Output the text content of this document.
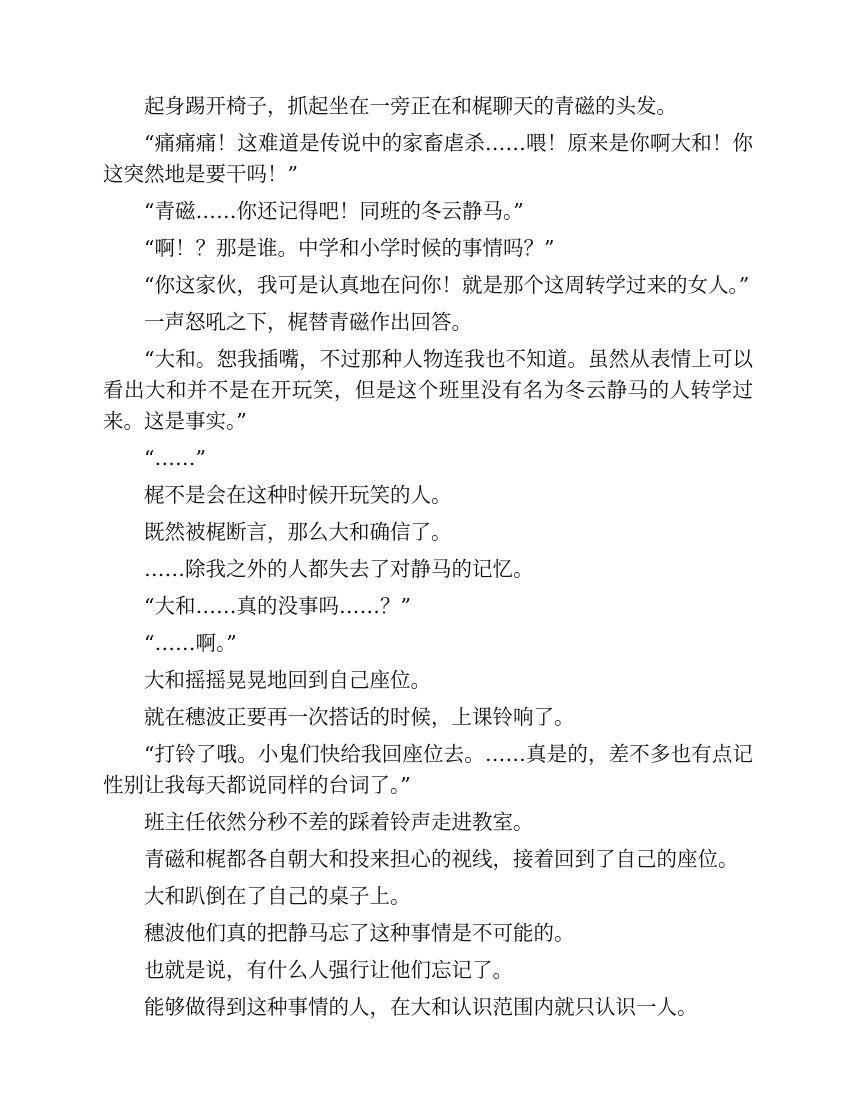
起身踢开椅子，抓起坐在一旁正在和梶聊天的青磁的头发。

“痛痛痛！这难道是传说中的家畜虐杀……喂！原来是你啊大和！你这突然地是要干吗！”

“青磁……你还记得吧！同班的冬云静马。”

“啊！？那是谁。中学和小学时候的事情吗？”

“你这家伙，我可是认真地在问你！就是那个这周转学过来的女人。”

一声怒吼之下，梶替青磁作出回答。

“大和。恕我插嘴，不过那种人物连我也不知道。虽然从表情上可以看出大和并不是在开玩笑，但是这个班里没有名为冬云静马的人转学过来。这是事实。”

“……”

梶不是会在这种时候开玩笑的人。

既然被梶断言，那么大和确信了。

……除我之外的人都失去了对静马的记忆。

“大和……真的没事吗……？”

“……啊。”

大和摇摇晃晃地回到自己座位。

就在穗波正要再一次搭话的时候，上课铃响了。

“打铃了哦。小鬼们快给我回座位去。……真是的，差不多也有点记性别让我每天都说同样的台词了。”

班主任依然分秒不差的踩着铃声走进教室。

青磁和梶都各自朝大和投来担心的视线，接着回到了自己的座位。

大和趴倒在了自己的桌子上。

穗波他们真的把静马忘了这种事情是不可能的。

也就是说，有什么人强行让他们忘记了。

能够做得到这种事情的人，在大和认识范围内就只认识一人。
